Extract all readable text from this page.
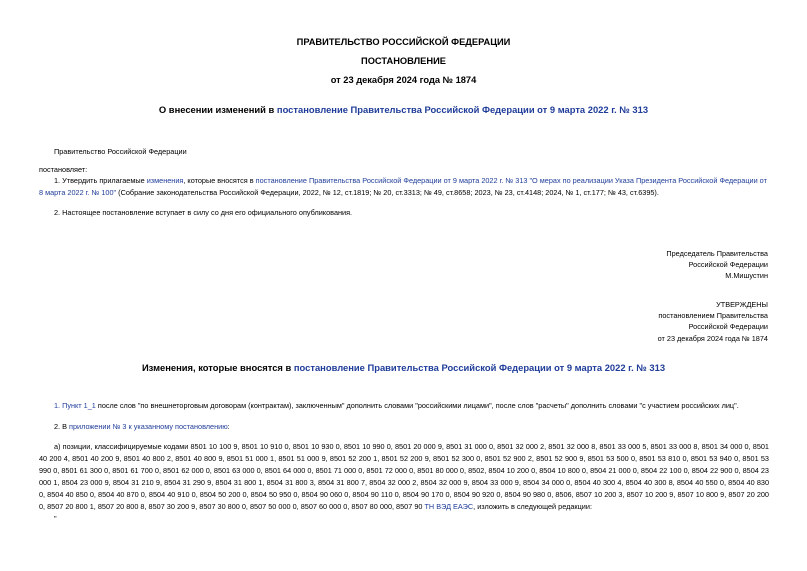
ПРАВИТЕЛЬСТВО РОССИЙСКОЙ ФЕДЕРАЦИИ
ПОСТАНОВЛЕНИЕ
от 23 декабря 2024 года № 1874
О внесении изменений в постановление Правительства Российской Федерации от 9 марта 2022 г. № 313
Правительство Российской Федерации
постановляет:
1. Утвердить прилагаемые изменения, которые вносятся в постановление Правительства Российской Федерации от 9 марта 2022 г. № 313 "О мерах по реализации Указа Президента Российской Федерации от 8 марта 2022 г. № 100" (Собрание законодательства Российской Федерации, 2022, № 12, ст.1819; № 20, ст.3313; № 49, ст.8658; 2023, № 23, ст.4148; 2024, № 1, ст.177; № 43, ст.6395).
2. Настоящее постановление вступает в силу со дня его официального опубликования.
Председатель Правительства
Российской Федерации
М.Мишустин
УТВЕРЖДЕНЫ
постановлением Правительства
Российской Федерации
от 23 декабря 2024 года № 1874
Изменения, которые вносятся в постановление Правительства Российской Федерации от 9 марта 2022 г. № 313
1. Пункт 1_1 после слов "по внешнеторговым договорам (контрактам), заключенным" дополнить словами "российскими лицами", после слов "расчеты" дополнить словами "с участием российских лиц".
2. В приложении № 3 к указанному постановлению:
а) позиции, классифицируемые кодами 8501 10 100 9, 8501 10 910 0, 8501 10 930 0, 8501 10 990 0, 8501 20 000 9, 8501 31 000 0, 8501 32 000 2, 8501 32 000 8, 8501 33 000 5, 8501 33 000 8, 8501 34 000 0, 8501 40 200 4, 8501 40 200 9, 8501 40 800 2, 8501 40 800 9, 8501 51 000 1, 8501 51 000 9, 8501 52 200 1, 8501 52 200 9, 8501 52 300 0, 8501 52 900 2, 8501 52 900 9, 8501 53 500 0, 8501 53 810 0, 8501 53 940 0, 8501 53 990 0, 8501 61 300 0, 8501 61 700 0, 8501 62 000 0, 8501 63 000 0, 8501 64 000 0, 8501 71 000 0, 8501 72 000 0, 8501 80 000 0, 8502, 8504 10 200 0, 8504 10 800 0, 8504 21 000 0, 8504 22 100 0, 8504 22 900 0, 8504 23 000 1, 8504 23 000 9, 8504 31 210 9, 8504 31 290 9, 8504 31 800 1, 8504 31 800 3, 8504 31 800 7, 8504 32 000 2, 8504 32 000 9, 8504 33 000 9, 8504 34 000 0, 8504 40 300 4, 8504 40 300 8, 8504 40 550 0, 8504 40 830 0, 8504 40 850 0, 8504 40 870 0, 8504 40 910 0, 8504 50 200 0, 8504 50 950 0, 8504 90 060 0, 8504 90 110 0, 8504 90 170 0, 8504 90 920 0, 8504 90 980 0, 8506, 8507 10 200 3, 8507 10 200 9, 8507 10 800 9, 8507 20 200 0, 8507 20 800 1, 8507 20 800 8, 8507 30 200 9, 8507 30 800 0, 8507 50 000 0, 8507 60 000 0, 8507 80 000, 8507 90 ТН ВЭД ЕАЭС, изложить в следующей редакции:
"
